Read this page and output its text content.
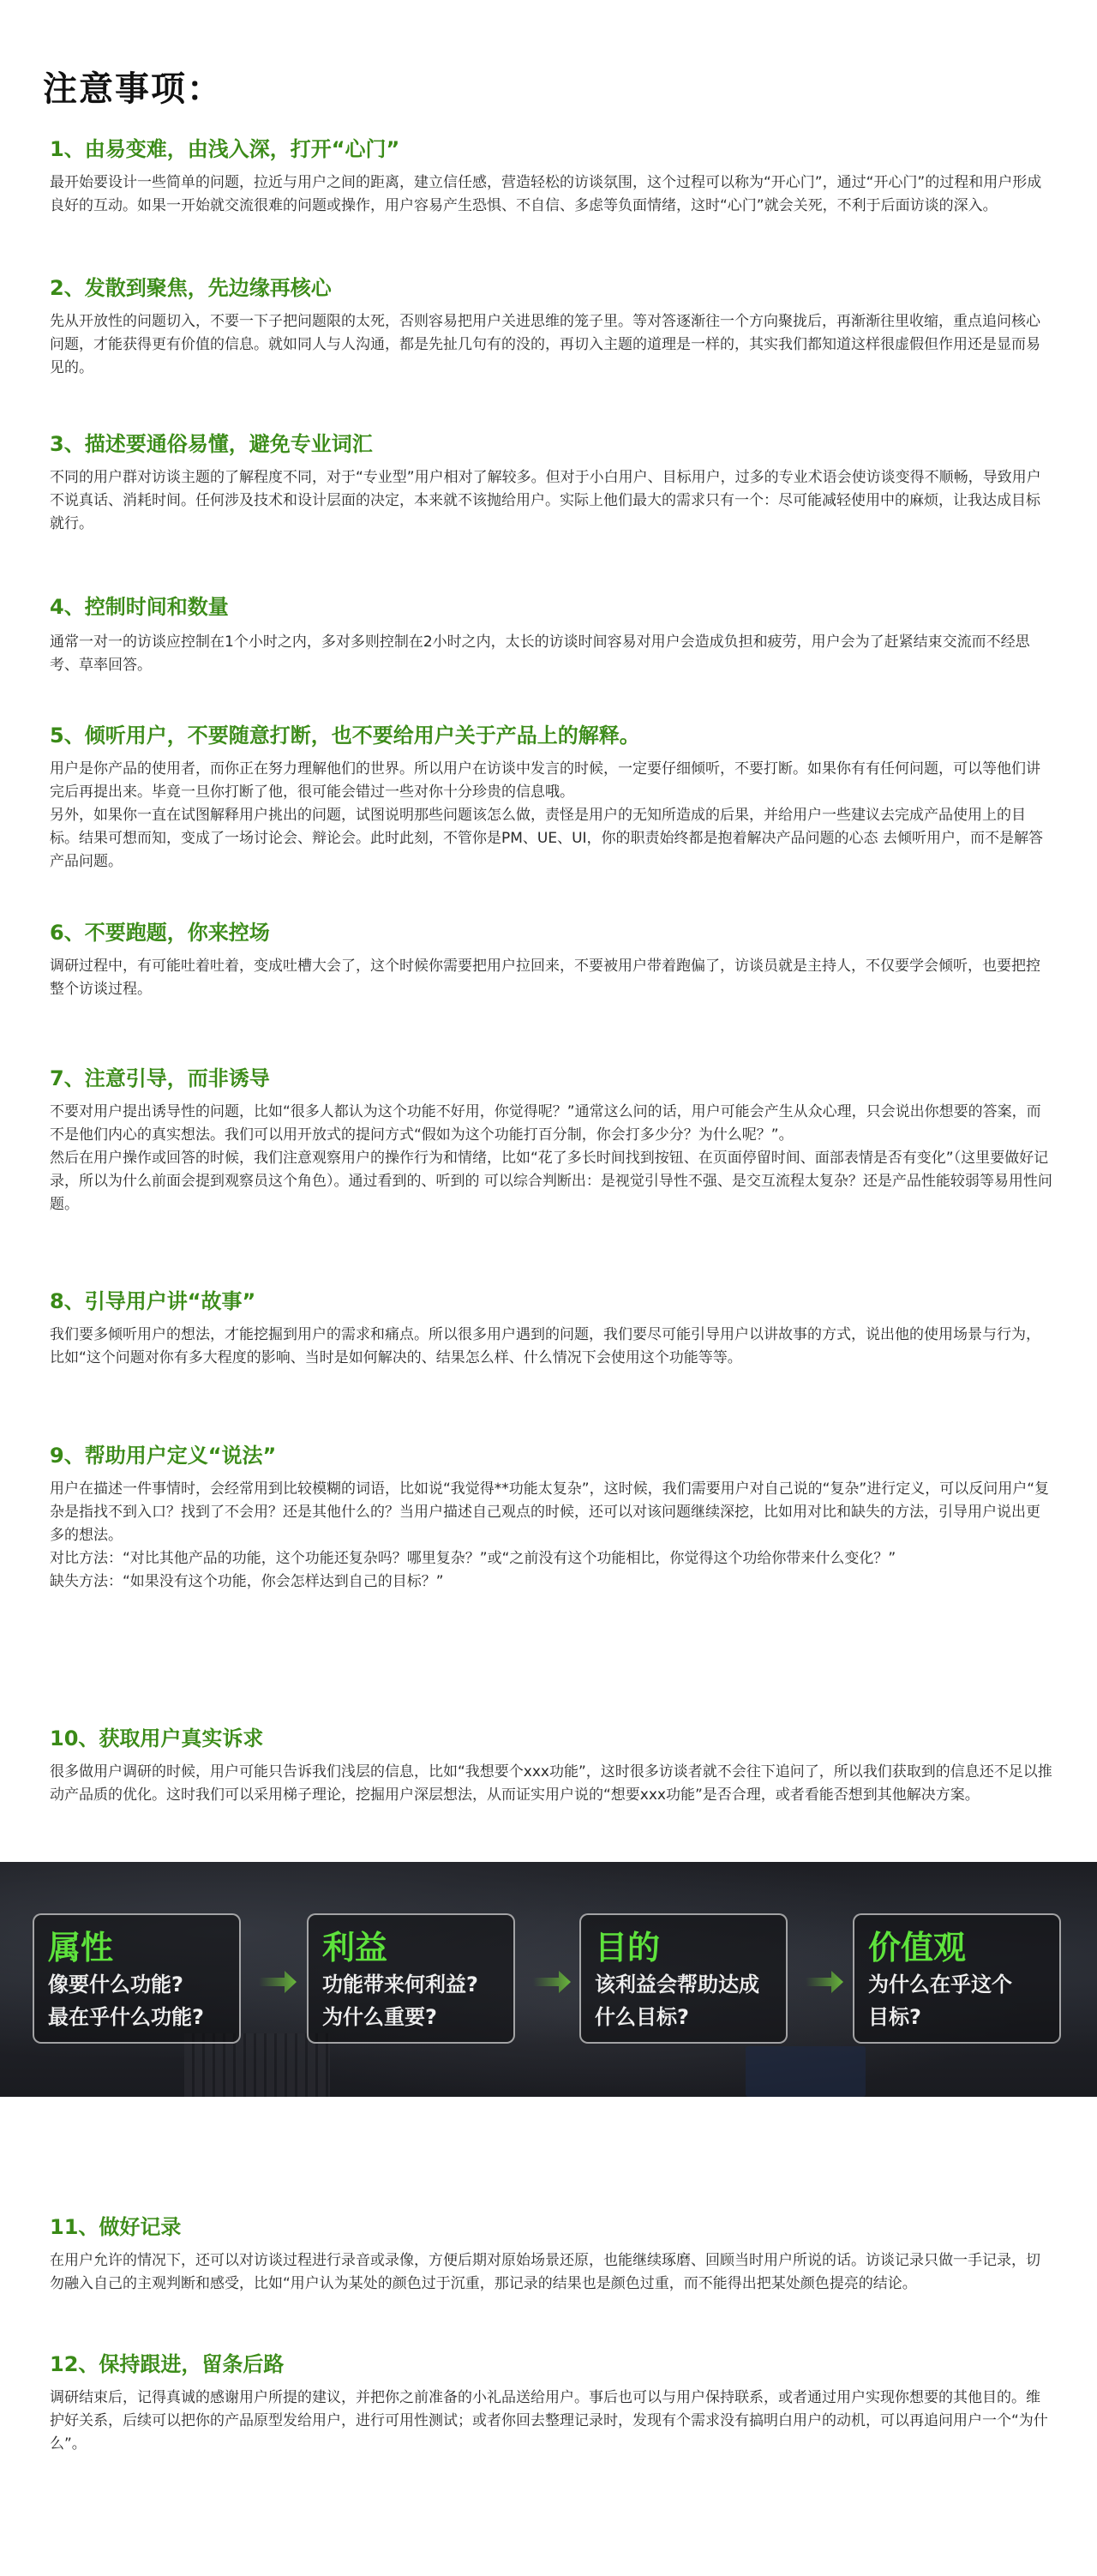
注意事项：
1、由易变难，由浅入深，打开“心门”

最开始要设计一些简单的问题，拉近与用户之间的距离，建立信任感，营造轻松的访谈氛围，这个过程可以称为“开心门”，通过“开心门”的过程和用户形成良好的互动。如果一开始就交流很难的问题或操作，用户容易产生恐惧、不自信、多虑等负面情绪，这时“心门”就会关死，不利于后面访谈的深入。

2、发散到聚焦，先边缘再核心

先从开放性的问题切入，不要一下子把问题限的太死，否则容易把用户关进思维的笼子里。等对答逐渐往一个方向聚拢后，再渐渐往里收缩，重点追问核心问题，才能获得更有价值的信息。就如同人与人沟通，都是先扯几句有的没的，再切入主题的道理是一样的，其实我们都知道这样很虚假但作用还是显而易见的。

3、描述要通俗易懂，避免专业词汇

不同的用户群对访谈主题的了解程度不同，对于“专业型”用户相对了解较多。但对于小白用户、目标用户，过多的专业术语会使访谈变得不顺畅，导致用户不说真话、消耗时间。任何涉及技术和设计层面的决定，本来就不该抛给用户。实际上他们最大的需求只有一个：尽可能减轻使用中的麻烦，让我达成目标就行。

4、控制时间和数量

通常一对一的访谈应控制在1个小时之内，多对多则控制在2小时之内，太长的访谈时间容易对用户会造成负担和疲劳，用户会为了赶紧结束交流而不经思考、草率回答。

5、倾听用户，不要随意打断，也不要给用户关于产品上的解释。

用户是你产品的使用者，而你正在努力理解他们的世界。所以用户在访谈中发言的时候，一定要仔细倾听，不要打断。如果你有有任何问题，可以等他们讲完后再提出来。毕竟一旦你打断了他，很可能会错过一些对你十分珍贵的信息哦。

另外，如果你一直在试图解释用户挑出的问题，试图说明那些问题该怎么做，责怪是用户的无知所造成的后果，并给用户一些建议去完成产品使用上的目标。结果可想而知，变成了一场讨论会、辩论会。此时此刻，不管你是PM、UE、UI，你的职责始终都是抱着解决产品问题的心态 去倾听用户，而不是解答产品问题。

6、不要跑题，你来控场

调研过程中，有可能吐着吐着，变成吐槽大会了，这个时候你需要把用户拉回来，不要被用户带着跑偏了，访谈员就是主持人，不仅要学会倾听，也要把控整个访谈过程。

7、注意引导，而非诱导

不要对用户提出诱导性的问题，比如“很多人都认为这个功能不好用，你觉得呢？”通常这么问的话，用户可能会产生从众心理，只会说出你想要的答案，而不是他们内心的真实想法。我们可以用开放式的提问方式“假如为这个功能打百分制，你会打多少分？为什么呢？”。

然后在用户操作或回答的时候，我们注意观察用户的操作行为和情绪，比如“花了多长时间找到按钮、在页面停留时间、面部表情是否有变化”（这里要做好记录，所以为什么前面会提到观察员这个角色）。通过看到的、听到的 可以综合判断出：是视觉引导性不强、是交互流程太复杂？还是产品性能较弱等易用性问题。

8、引导用户讲“故事”

我们要多倾听用户的想法，才能挖掘到用户的需求和痛点。所以很多用户遇到的问题，我们要尽可能引导用户以讲故事的方式，说出他的使用场景与行为，比如“这个问题对你有多大程度的影响、当时是如何解决的、结果怎么样、什么情况下会使用这个功能等等。

9、帮助用户定义“说法”

用户在描述一件事情时，会经常用到比较模糊的词语，比如说“我觉得**功能太复杂”，这时候，我们需要用户对自己说的“复杂”进行定义，可以反问用户“复杂是指找不到入口？找到了不会用？还是其他什么的？当用户描述自己观点的时候，还可以对该问题继续深挖，比如用对比和缺失的方法，引导用户说出更多的想法。

对比方法：“对比其他产品的功能，这个功能还复杂吗？哪里复杂？”或“之前没有这个功能相比，你觉得这个功给你带来什么变化？”

缺失方法：“如果没有这个功能，你会怎样达到自己的目标？”

10、获取用户真实诉求

很多做用户调研的时候，用户可能只告诉我们浅层的信息，比如“我想要个xxx功能”，这时很多访谈者就不会往下追问了，所以我们获取到的信息还不足以推动产品质的优化。这时我们可以采用梯子理论，挖掘用户深层想法，从而证实用户说的“想要xxx功能”是否合理，或者看能否想到其他解决方案。

属性
像要什么功能?
最在乎什么功能?
利益
功能带来何利益?
为什么重要?
目的
该利益会帮助达成
什么目标?
价值观
为什么在乎这个
目标?
11、做好记录

在用户允许的情况下，还可以对访谈过程进行录音或录像，方便后期对原始场景还原，也能继续琢磨、回顾当时用户所说的话。访谈记录只做一手记录，切勿融入自己的主观判断和感受，比如“用户认为某处的颜色过于沉重，那记录的结果也是颜色过重，而不能得出把某处颜色提亮的结论。

12、保持跟进，留条后路

调研结束后，记得真诚的感谢用户所提的建议，并把你之前准备的小礼品送给用户。事后也可以与用户保持联系，或者通过用户实现你想要的其他目的。维护好关系，后续可以把你的产品原型发给用户，进行可用性测试；或者你回去整理记录时，发现有个需求没有搞明白用户的动机，可以再追问用户一个“为什么”。
